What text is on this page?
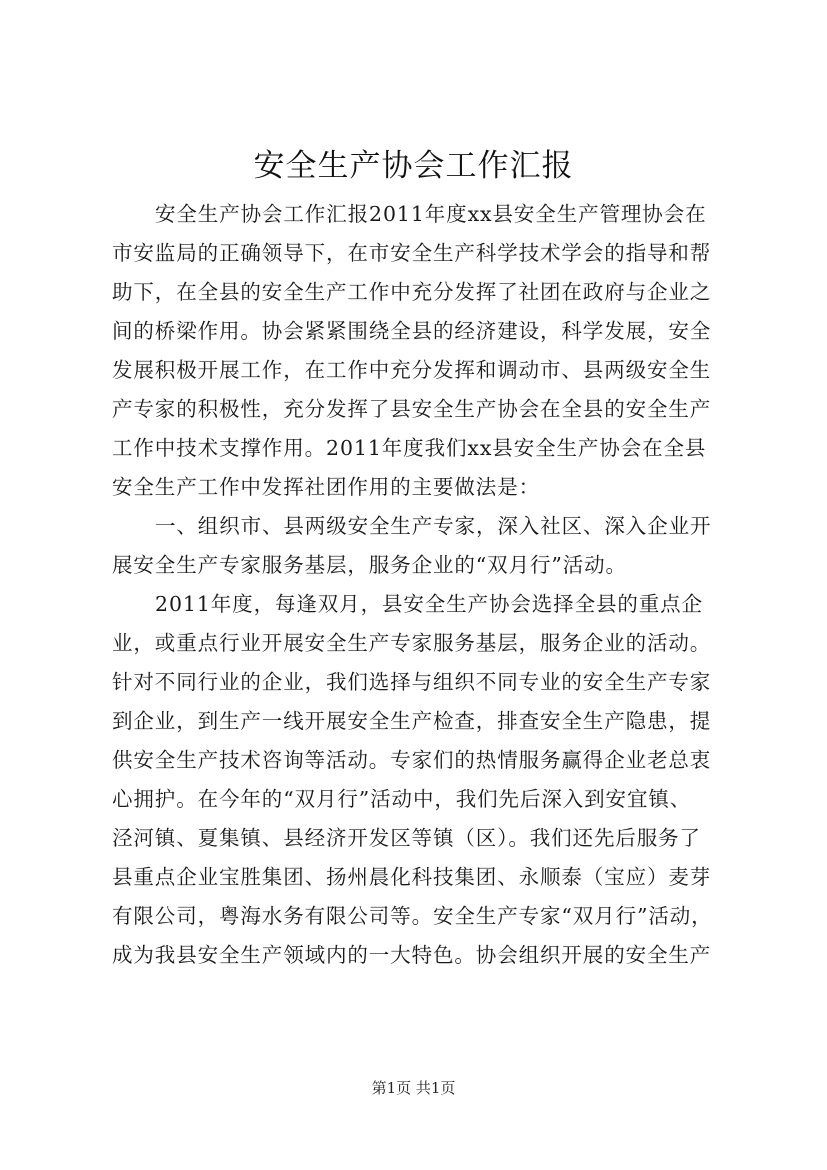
安全生产协会工作汇报
安全生产协会工作汇报2011年度xx县安全生产管理协会在
市安监局的正确领导下，在市安全生产科学技术学会的指导和帮
助下，在全县的安全生产工作中充分发挥了社团在政府与企业之
间的桥梁作用。协会紧紧围绕全县的经济建设，科学发展，安全
发展积极开展工作，在工作中充分发挥和调动市、县两级安全生
产专家的积极性，充分发挥了县安全生产协会在全县的安全生产
工作中技术支撑作用。2011年度我们xx县安全生产协会在全县
安全生产工作中发挥社团作用的主要做法是：
一、组织市、县两级安全生产专家，深入社区、深入企业开
展安全生产专家服务基层，服务企业的“双月行”活动。
2011年度，每逢双月，县安全生产协会选择全县的重点企
业，或重点行业开展安全生产专家服务基层，服务企业的活动。
针对不同行业的企业，我们选择与组织不同专业的安全生产专家
到企业，到生产一线开展安全生产检查，排查安全生产隐患，提
供安全生产技术咨询等活动。专家们的热情服务赢得企业老总衷
心拥护。在今年的“双月行”活动中，我们先后深入到安宜镇、
泾河镇、夏集镇、县经济开发区等镇（区）。我们还先后服务了
县重点企业宝胜集团、扬州晨化科技集团、永顺泰（宝应）麦芽
有限公司，粤海水务有限公司等。安全生产专家“双月行”活动，
成为我县安全生产领域内的一大特色。协会组织开展的安全生产
第1页 共1页
